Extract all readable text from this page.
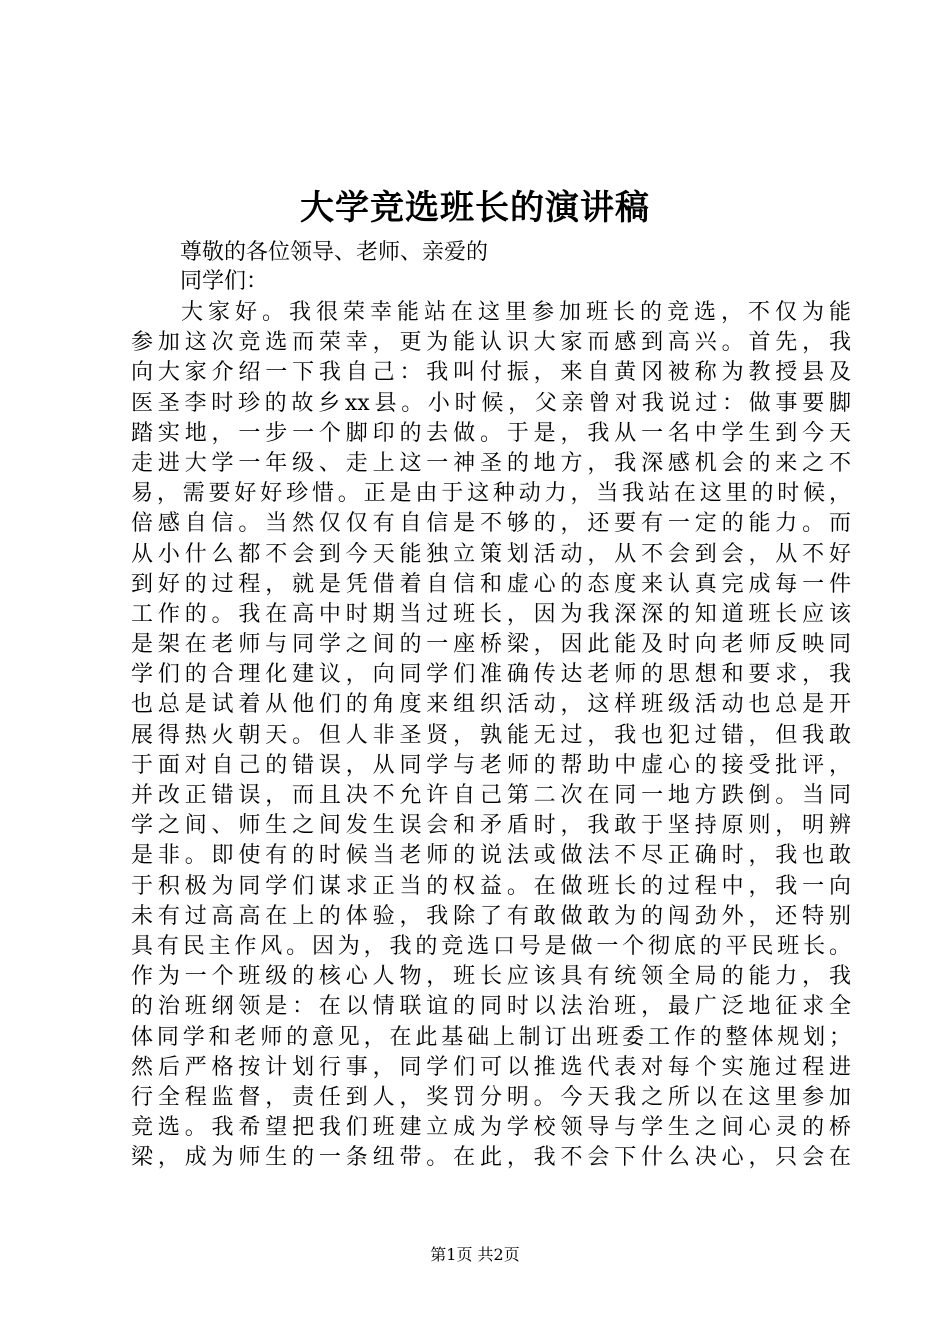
大学竞选班长的演讲稿
尊敬的各位领导、老师、亲爱的
同学们：
大家好。我很荣幸能站在这里参加班长的竞选，不仅为能
参加这次竞选而荣幸，更为能认识大家而感到高兴。首先，我
向大家介绍一下我自己：我叫付振，来自黄冈被称为教授县及
医圣李时珍的故乡xx县。小时候，父亲曾对我说过：做事要脚
踏实地，一步一个脚印的去做。于是，我从一名中学生到今天
走进大学一年级、走上这一神圣的地方，我深感机会的来之不
易，需要好好珍惜。正是由于这种动力，当我站在这里的时候，
倍感自信。当然仅仅有自信是不够的，还要有一定的能力。而
从小什么都不会到今天能独立策划活动，从不会到会，从不好
到好的过程，就是凭借着自信和虚心的态度来认真完成每一件
工作的。我在高中时期当过班长，因为我深深的知道班长应该
是架在老师与同学之间的一座桥梁，因此能及时向老师反映同
学们的合理化建议，向同学们准确传达老师的思想和要求，我
也总是试着从他们的角度来组织活动，这样班级活动也总是开
展得热火朝天。但人非圣贤，孰能无过，我也犯过错，但我敢
于面对自己的错误，从同学与老师的帮助中虚心的接受批评，
并改正错误，而且决不允许自己第二次在同一地方跌倒。当同
学之间、师生之间发生误会和矛盾时，我敢于坚持原则，明辨
是非。即使有的时候当老师的说法或做法不尽正确时，我也敢
于积极为同学们谋求正当的权益。在做班长的过程中，我一向
未有过高高在上的体验，我除了有敢做敢为的闯劲外，还特别
具有民主作风。因为，我的竞选口号是做一个彻底的平民班长。
作为一个班级的核心人物，班长应该具有统领全局的能力，我
的治班纲领是：在以情联谊的同时以法治班，最广泛地征求全
体同学和老师的意见，在此基础上制订出班委工作的整体规划；
然后严格按计划行事，同学们可以推选代表对每个实施过程进
行全程监督，责任到人，奖罚分明。今天我之所以在这里参加
竞选。我希望把我们班建立成为学校领导与学生之间心灵的桥
梁，成为师生的一条纽带。在此，我不会下什么决心，只会在
第1页 共2页
